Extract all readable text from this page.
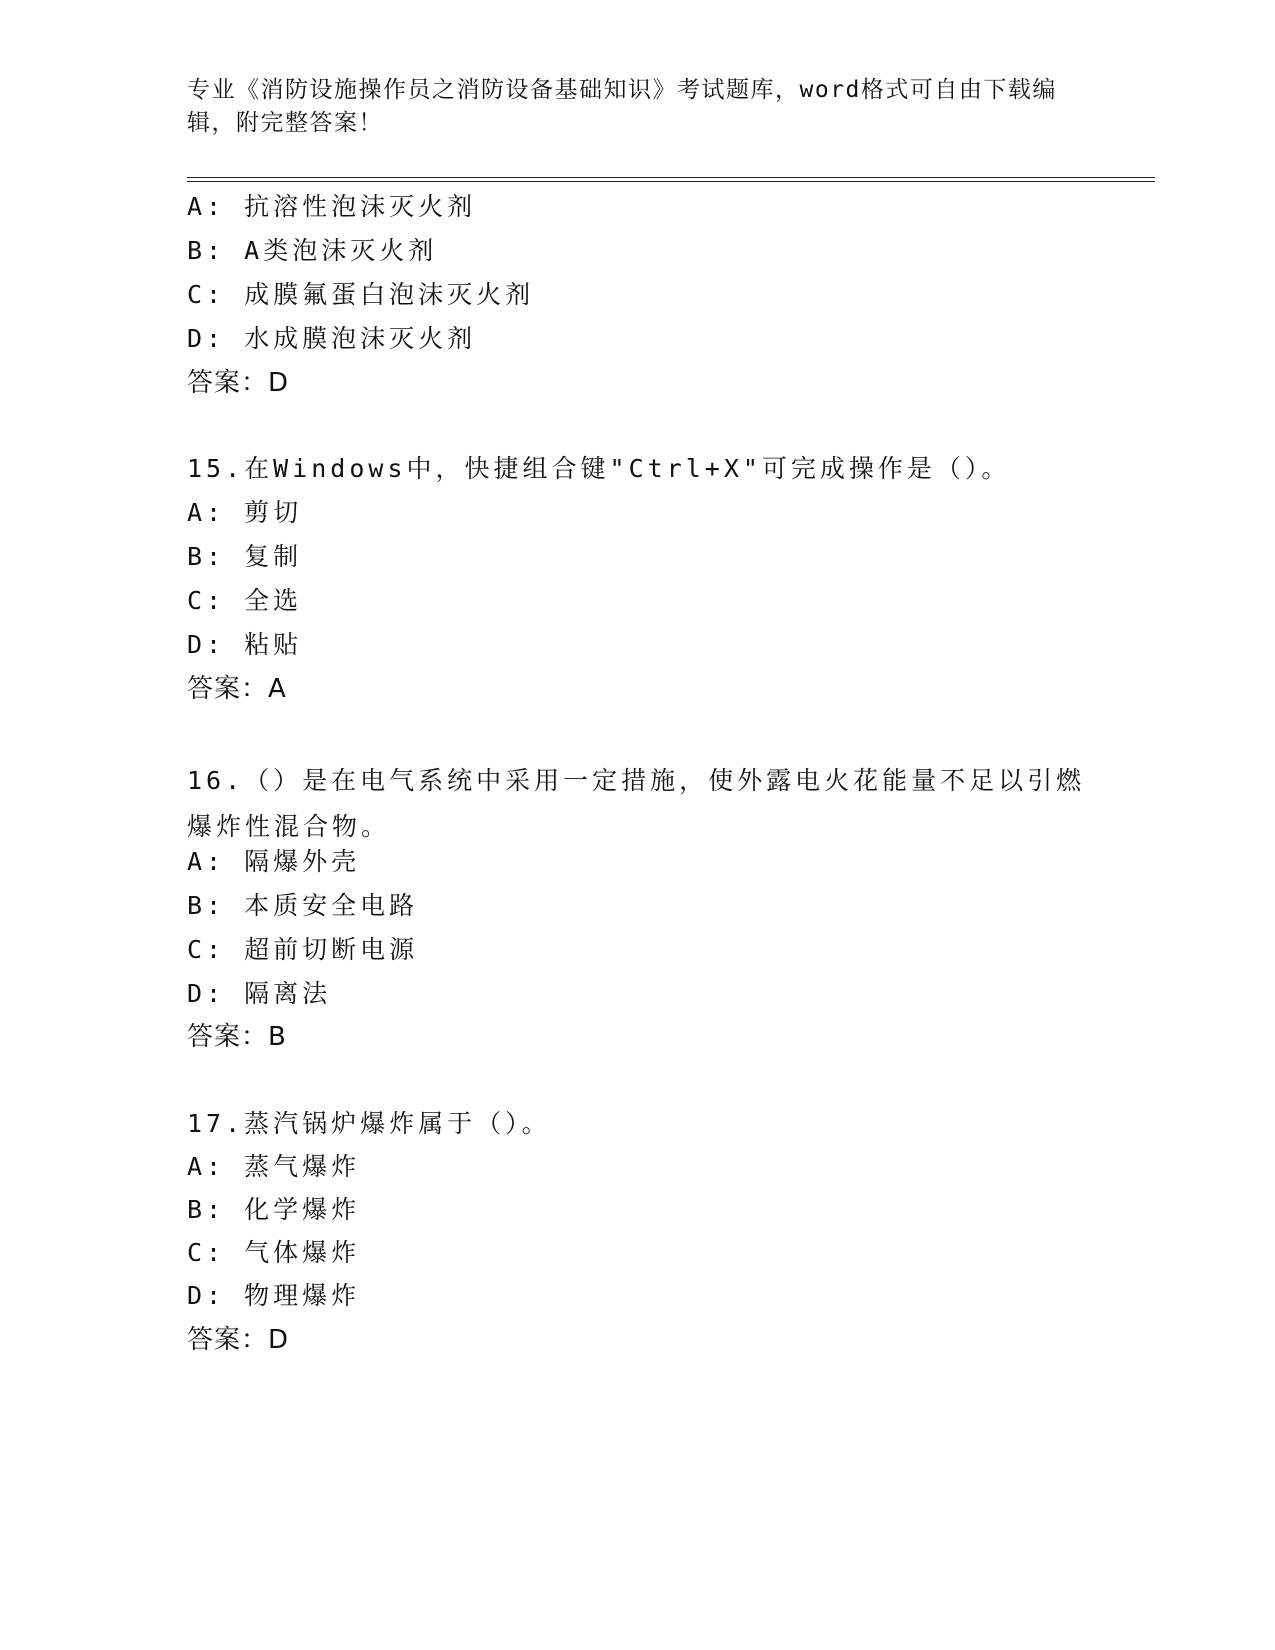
专业《消防设施操作员之消防设备基础知识》考试题库，word格式可自由下载编辑，附完整答案！
A: 抗溶性泡沫灭火剂
B: A类泡沫灭火剂
C: 成膜氟蛋白泡沫灭火剂
D: 水成膜泡沫灭火剂
答案：D
15.在Windows中，快捷组合键"Ctrl+X"可完成操作是（）。
A: 剪切
B: 复制
C: 全选
D: 粘贴
答案：A
16.（）是在电气系统中采用一定措施，使外露电火花能量不足以引燃爆炸性混合物。
A: 隔爆外壳
B: 本质安全电路
C: 超前切断电源
D: 隔离法
答案：B
17.蒸汽锅炉爆炸属于（）。
A: 蒸气爆炸
B: 化学爆炸
C: 气体爆炸
D: 物理爆炸
答案：D
